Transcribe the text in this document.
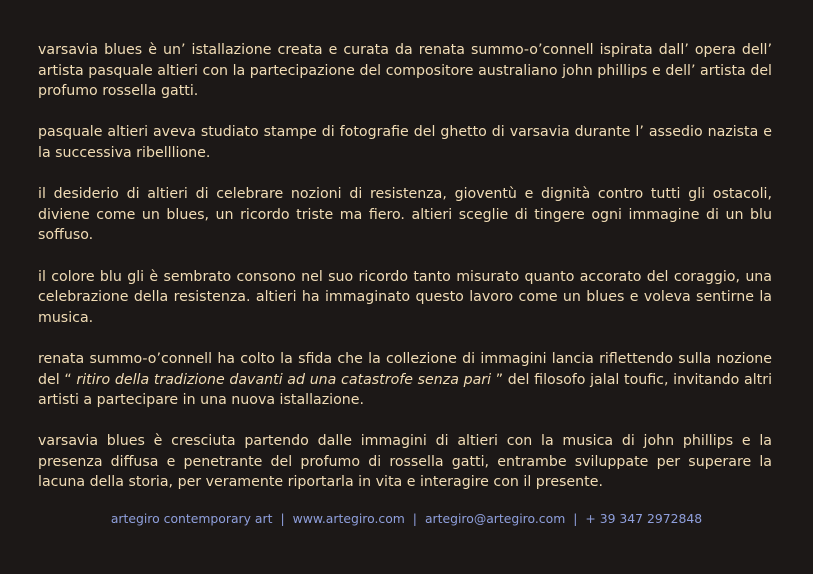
varsavia blues è un’ istallazione creata e curata da renata summo-o’connell ispirata dall’ opera dell’ artista pasquale altieri con la partecipazione del compositore australiano john phillips e dell’ artista del profumo rossella gatti.

pasquale altieri aveva studiato stampe di fotografie del ghetto di varsavia durante l’ assedio nazista e la successiva ribelllione.

il desiderio di altieri di celebrare nozioni di resistenza, gioventù e dignità contro tutti gli ostacoli, diviene come un blues, un ricordo triste ma fiero. altieri sceglie di tingere ogni immagine di un blu soffuso.

il colore blu gli è sembrato consono nel suo ricordo tanto misurato quanto accorato del coraggio, una celebrazione della resistenza. altieri ha immaginato questo lavoro come un blues e voleva sentirne la musica.

renata summo-o’connell ha colto la sfida che la collezione di immagini lancia riflettendo sulla nozione del “ ritiro della tradizione davanti ad una catastrofe senza pari ” del filosofo jalal toufic, invitando altri artisti a partecipare in una nuova istallazione.

varsavia blues è cresciuta partendo dalle immagini di altieri con la musica di john phillips e la presenza diffusa e penetrante del profumo di rossella gatti, entrambe sviluppate per superare la lacuna della storia, per veramente riportarla in vita e interagire con il presente.

artegiro contemporary art | www.artegiro.com | artegiro@artegiro.com | + 39 347 2972848
